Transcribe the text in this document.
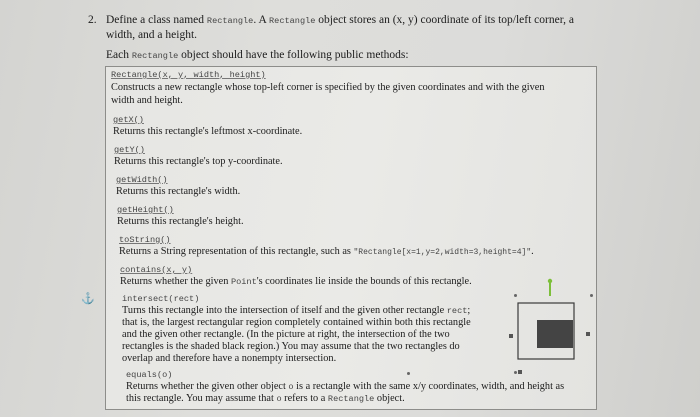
2. Define a class named Rectangle. A Rectangle object stores an (x, y) coordinate of its top/left corner, a
width, and a height.
Each Rectangle object should have the following public methods:
Rectangle(x, y, width, height)
Constructs a new rectangle whose top-left corner is specified by the given coordinates and with the given
width and height.
getX()
Returns this rectangle's leftmost x-coordinate.
getY()
Returns this rectangle's top y-coordinate.
getWidth()
Returns this rectangle's width.
getHeight()
Returns this rectangle's height.
toString()
Returns a String representation of this rectangle, such as "Rectangle[x=1,y=2,width=3,height=4]".
contains(x, y)
Returns whether the given Point's coordinates lie inside the bounds of this rectangle.
intersect(rect)
Turns this rectangle into the intersection of itself and the given other rectangle rect;
that is, the largest rectangular region completely contained within both this rectangle
and the given other rectangle. (In the picture at right, the intersection of the two
rectangles is the shaded black region.) You may assume that the two rectangles do
overlap and therefore have a nonempty intersection.
equals(o)
Returns whether the given other object o is a rectangle with the same x/y coordinates, width, and height as
this rectangle. You may assume that o refers to a Rectangle object.
⚓
